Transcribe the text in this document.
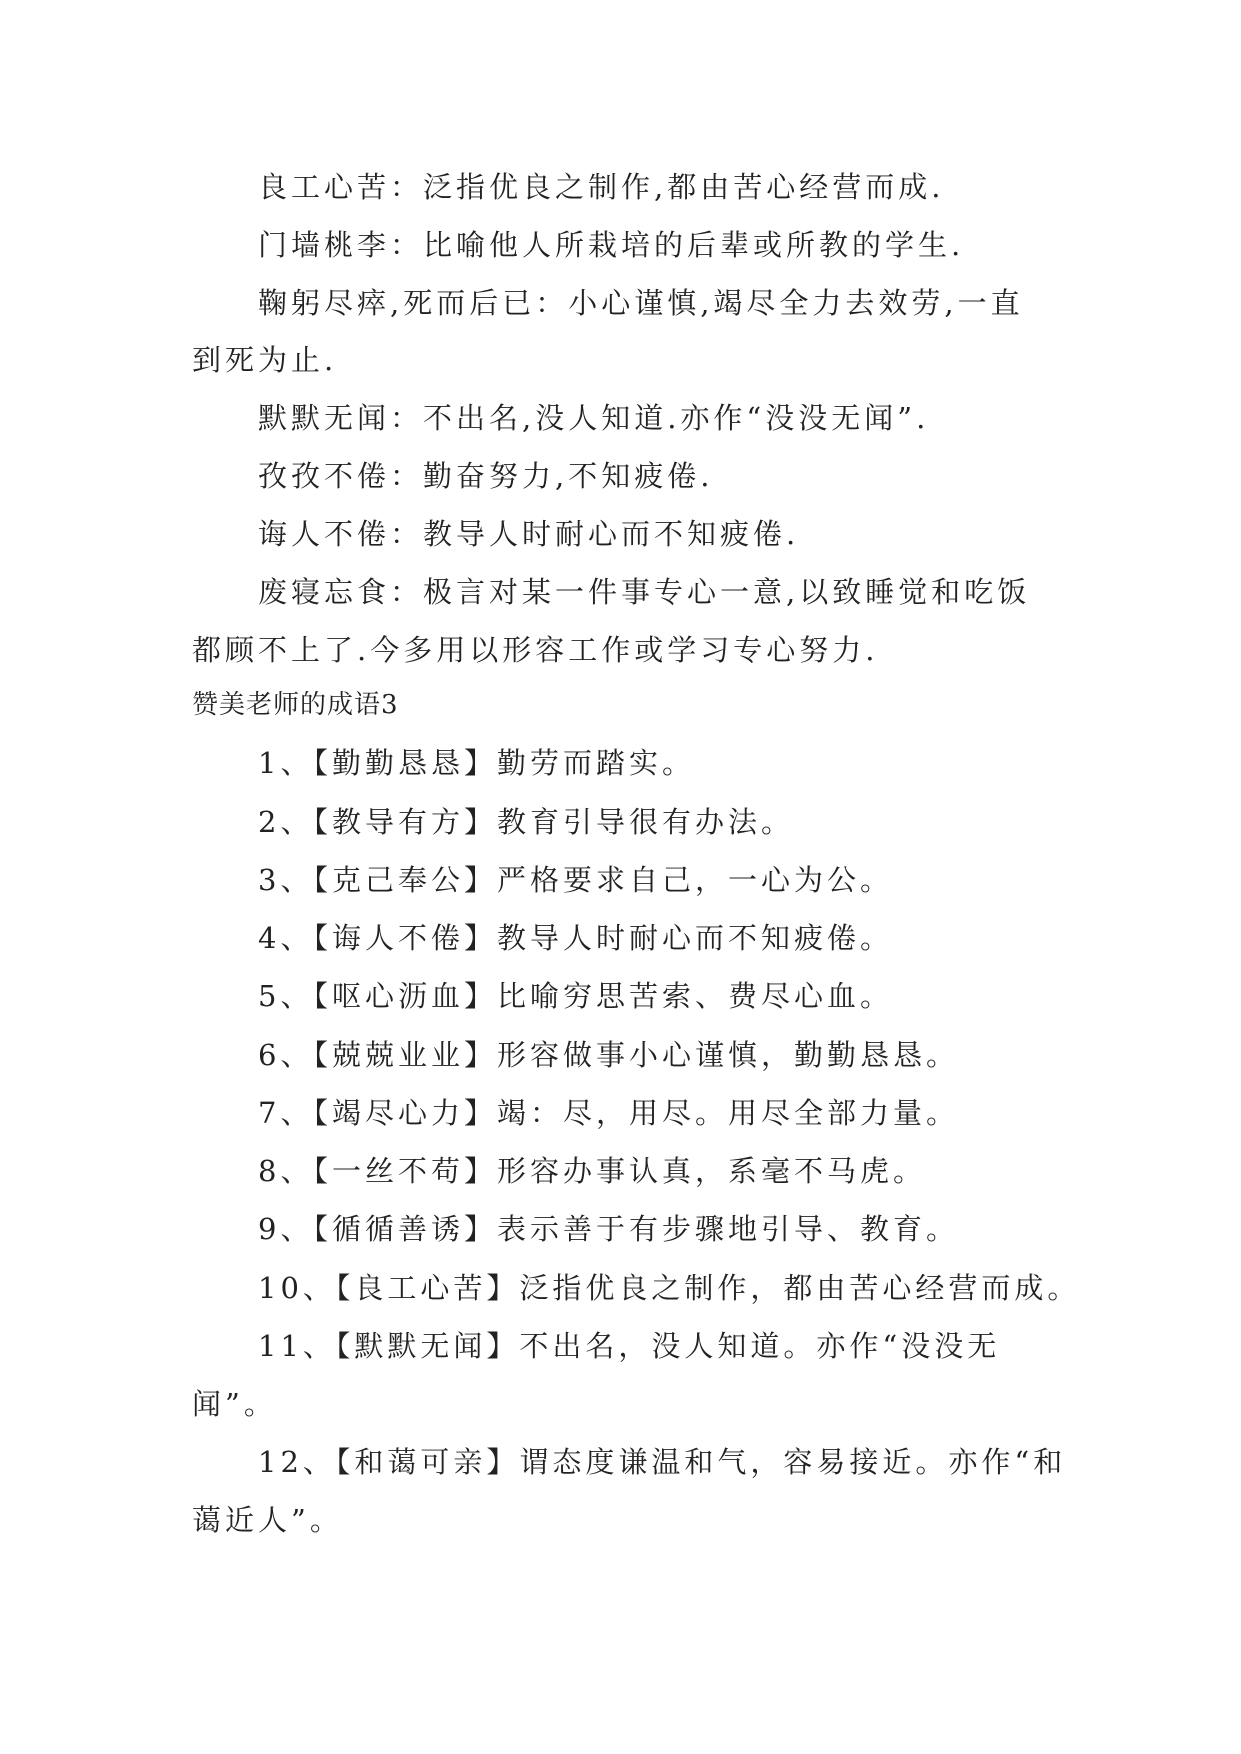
良工心苦：泛指优良之制作,都由苦心经营而成.
门墙桃李：比喻他人所栽培的后辈或所教的学生.
鞠躬尽瘁,死而后已：小心谨慎,竭尽全力去效劳,一直
到死为止.
默默无闻：不出名,没人知道.亦作“没没无闻”.
孜孜不倦：勤奋努力,不知疲倦.
诲人不倦：教导人时耐心而不知疲倦.
废寝忘食：极言对某一件事专心一意,以致睡觉和吃饭
都顾不上了.今多用以形容工作或学习专心努力.
赞美老师的成语3
1、【勤勤恳恳】勤劳而踏实。
2、【教导有方】教育引导很有办法。
3、【克己奉公】严格要求自己，一心为公。
4、【诲人不倦】教导人时耐心而不知疲倦。
5、【呕心沥血】比喻穷思苦索、费尽心血。
6、【兢兢业业】形容做事小心谨慎，勤勤恳恳。
7、【竭尽心力】竭：尽，用尽。用尽全部力量。
8、【一丝不苟】形容办事认真，系毫不马虎。
9、【循循善诱】表示善于有步骤地引导、教育。
10、【良工心苦】泛指优良之制作，都由苦心经营而成。
11、【默默无闻】不出名，没人知道。亦作“没没无
闻”。
12、【和蔼可亲】谓态度谦温和气，容易接近。亦作“和
蔼近人”。
